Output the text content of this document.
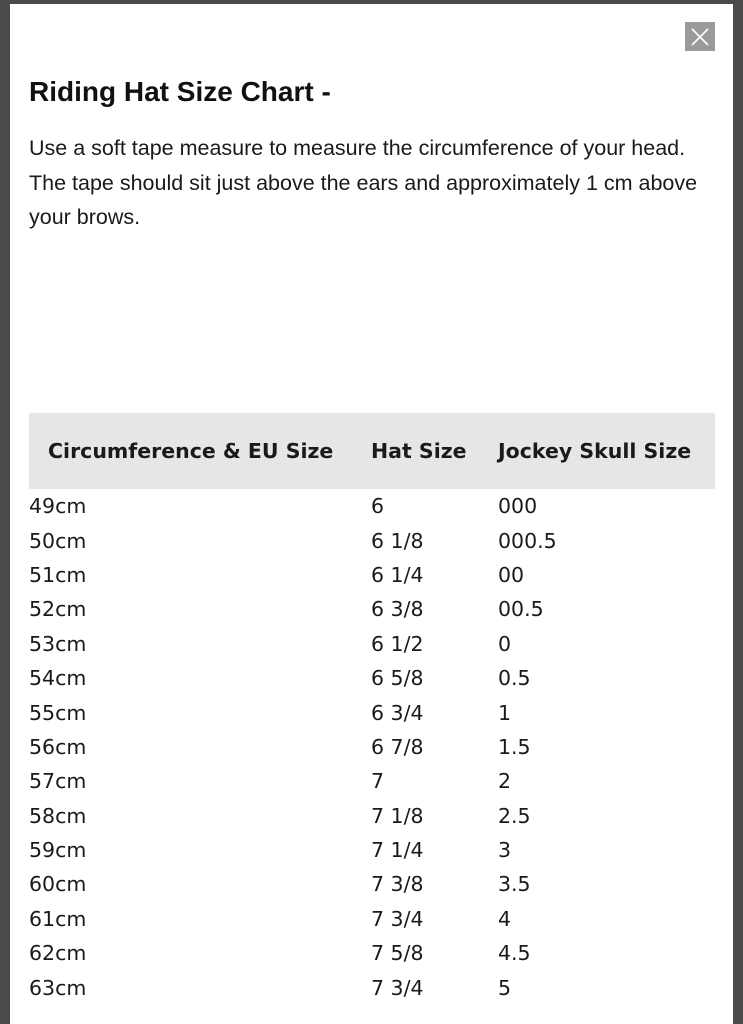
Riding Hat Size Chart -

Use a soft tape measure to measure the circumference of your head. The tape should sit just above the ears and approximately 1 cm above your brows.

Circumference & EU Size	Hat Size	Jockey Skull Size
49cm	6	000
50cm	6 1/8	000.5
51cm	6 1/4	00
52cm	6 3/8	00.5
53cm	6 1/2	0
54cm	6 5/8	0.5
55cm	6 3/4	1
56cm	6 7/8	1.5
57cm	7	2
58cm	7 1/8	2.5
59cm	7 1/4	3
60cm	7 3/8	3.5
61cm	7 3/4	4
62cm	7 5/8	4.5
63cm	7 3/4	5
